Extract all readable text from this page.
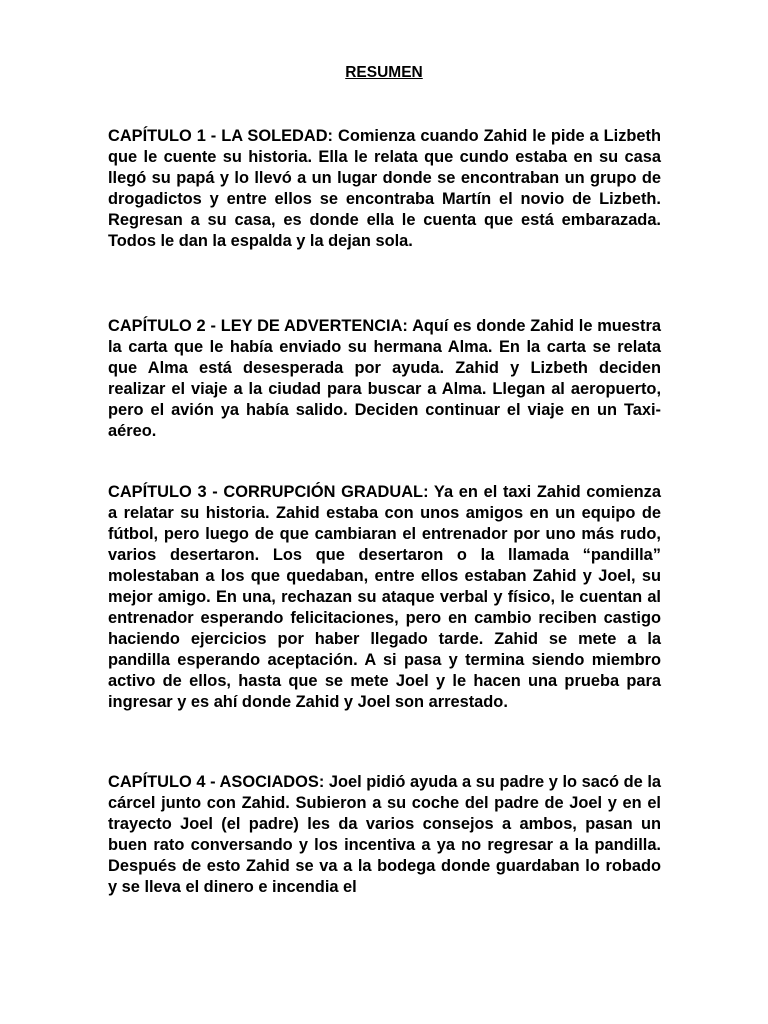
RESUMEN

CAPÍTULO 1 - LA SOLEDAD: Comienza cuando Zahid le pide a Lizbeth que le cuente su historia. Ella le relata que cundo estaba en su casa llegó su papá y lo llevó a un lugar donde se encontraban un grupo de drogadictos y entre ellos se encontraba Martín el novio de Lizbeth. Regresan a su casa, es donde ella le cuenta que está embarazada. Todos le dan la espalda y la dejan sola.

CAPÍTULO 2 - LEY DE ADVERTENCIA: Aquí es donde Zahid le muestra la carta que le había enviado su hermana Alma. En la carta se relata que Alma está desesperada por ayuda. Zahid y Lizbeth deciden realizar el viaje a la ciudad para buscar a Alma. Llegan al aeropuerto, pero el avión ya había salido. Deciden continuar el viaje en un Taxi- aéreo.

CAPÍTULO 3 - CORRUPCIÓN GRADUAL: Ya en el taxi Zahid comienza a relatar su historia. Zahid estaba con unos amigos en un equipo de fútbol, pero luego de que cambiaran el entrenador por uno más rudo, varios desertaron. Los que desertaron o la llamada “pandilla” molestaban a los que quedaban, entre ellos estaban Zahid y Joel, su mejor amigo. En una, rechazan su ataque verbal y físico, le cuentan al entrenador esperando felicitaciones, pero en cambio reciben castigo haciendo ejercicios por haber llegado tarde. Zahid se mete a la pandilla esperando aceptación. A si pasa y termina siendo miembro activo de ellos, hasta que se mete Joel y le hacen una prueba para ingresar y es ahí donde Zahid y Joel son arrestado.

CAPÍTULO 4 - ASOCIADOS: Joel pidió ayuda a su padre y lo sacó de la cárcel junto con Zahid. Subieron a su coche del padre de Joel y en el trayecto Joel (el padre) les da varios consejos a ambos, pasan un buen rato conversando y los incentiva a ya no regresar a la pandilla. Después de esto Zahid se va a la bodega donde guardaban lo robado y se lleva el dinero e incendia el
